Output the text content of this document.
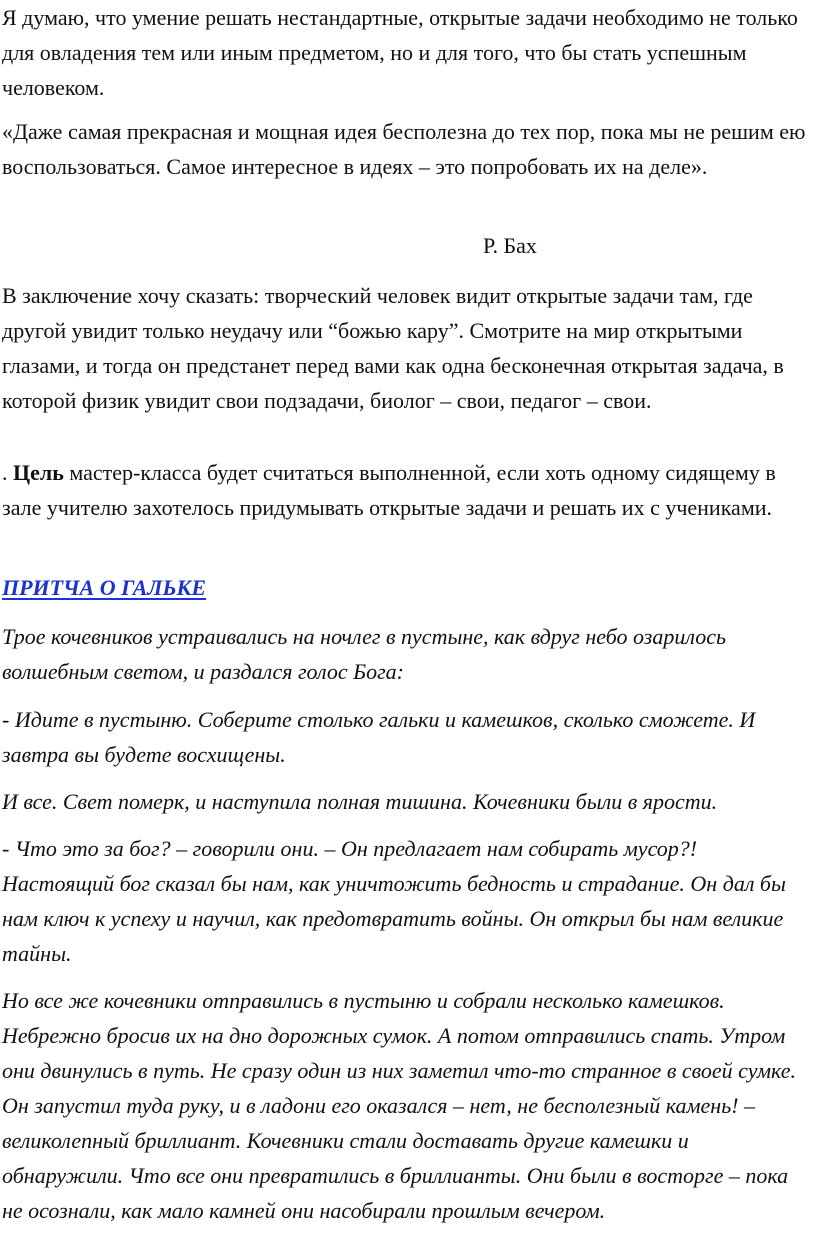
Я думаю, что умение решать нестандартные, открытые задачи необходимо не только для овладения тем или иным предметом, но и для того, что бы стать успешным человеком.

«Даже самая прекрасная и мощная идея бесполезна до тех пор, пока мы не решим ею воспользоваться. Самое интересное в идеях – это попробовать их на деле».

Р. Бах

В заключение хочу сказать: творческий человек видит открытые задачи там, где другой увидит только неудачу или “божью кару”. Смотрите на мир открытыми глазами, и тогда он предстанет перед вами как одна бесконечная открытая задача, в которой физик увидит свои подзадачи, биолог – свои, педагог – свои.

. Цель мастер-класса будет считаться выполненной, если хоть одному сидящему в зале учителю захотелось придумывать открытые задачи и решать их с учениками.

ПРИТЧА О ГАЛЬКЕ

Трое кочевников устраивались на ночлег в пустыне, как вдруг небо озарилось волшебным светом, и раздался голос Бога:

- Идите в пустыню. Соберите столько гальки и камешков, сколько сможете. И завтра вы будете восхищены.

И все. Свет померк, и наступила полная тишина. Кочевники были в ярости.

- Что это за бог? – говорили они. – Он предлагает нам собирать мусор?! Настоящий бог сказал бы нам, как уничтожить бедность и страдание. Он дал бы нам ключ к успеху и научил, как предотвратить войны. Он открыл бы нам великие тайны.

Но все же кочевники отправились в пустыню и собрали несколько камешков. Небрежно бросив их на дно дорожных сумок. А потом отправились спать. Утром они двинулись в путь. Не сразу один из них заметил что-то странное в своей сумке. Он запустил туда руку, и в ладони его оказался – нет, не бесполезный камень! – великолепный бриллиант. Кочевники стали доставать другие камешки и обнаружили. Что все они превратились в бриллианты. Они были в восторге – пока не осознали, как мало камней они насобирали прошлым вечером.
